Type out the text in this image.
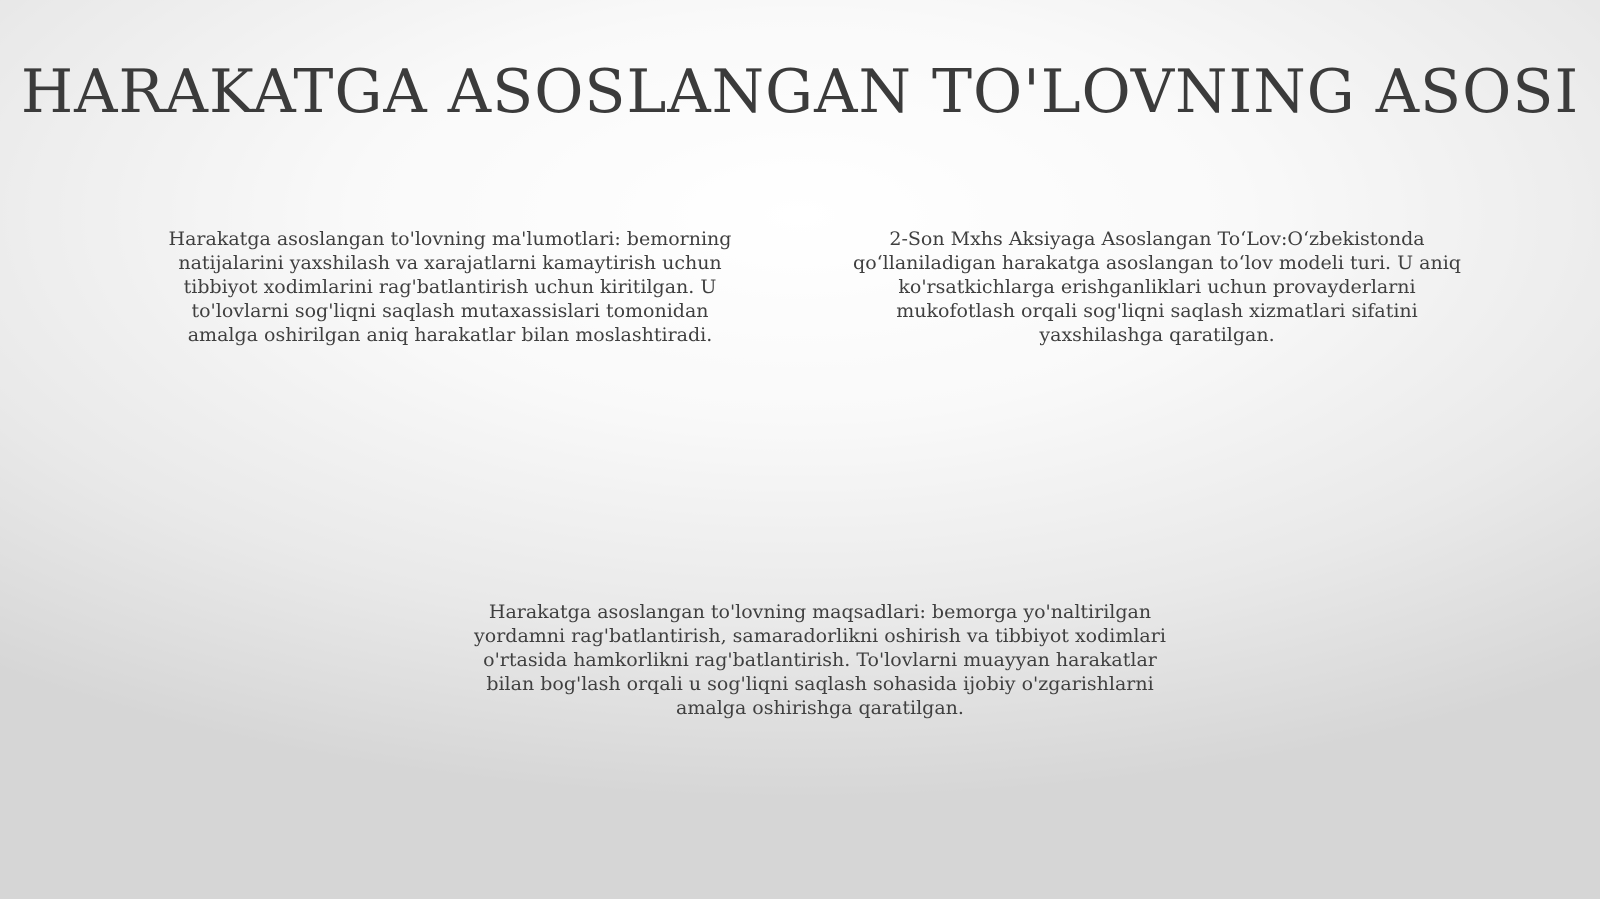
HARAKATGA ASOSLANGAN TO'LOVNING ASOSI

Harakatga asoslangan to'lovning ma'lumotlari: bemorning natijalarini yaxshilash va xarajatlarni kamaytirish uchun tibbiyot xodimlarini rag'batlantirish uchun kiritilgan. U to'lovlarni sog'liqni saqlash mutaxassislari tomonidan amalga oshirilgan aniq harakatlar bilan moslashtiradi.

2-Son Mxhs Aksiyaga Asoslangan To‘Lov:O‘zbekistonda qo‘llaniladigan harakatga asoslangan to‘lov modeli turi. U aniq ko'rsatkichlarga erishganliklari uchun provayderlarni mukofotlash orqali sog'liqni saqlash xizmatlari sifatini yaxshilashga qaratilgan.

Harakatga asoslangan to'lovning maqsadlari: bemorga yo'naltirilgan yordamni rag'batlantirish, samaradorlikni oshirish va tibbiyot xodimlari o'rtasida hamkorlikni rag'batlantirish. To'lovlarni muayyan harakatlar bilan bog'lash orqali u sog'liqni saqlash sohasida ijobiy o'zgarishlarni amalga oshirishga qaratilgan.
